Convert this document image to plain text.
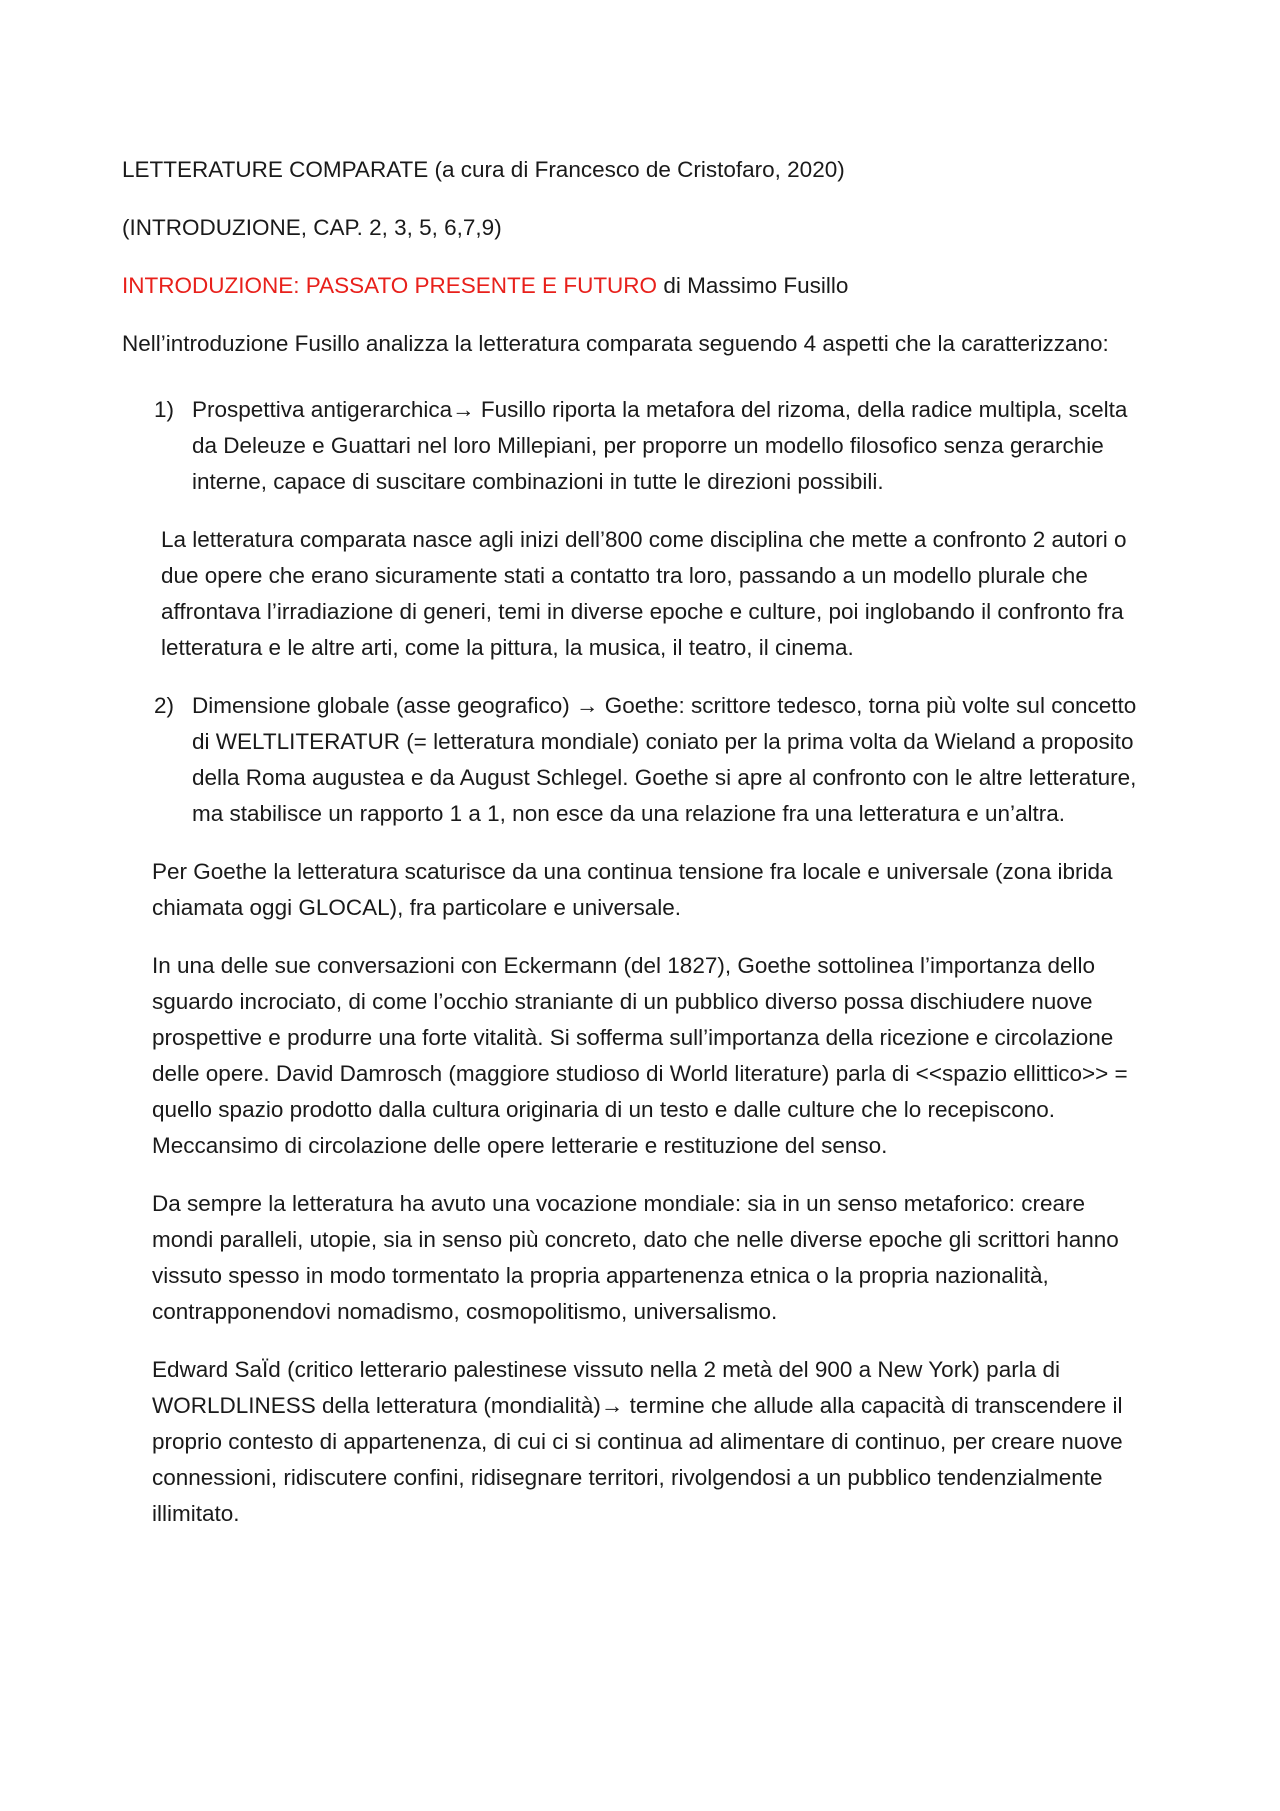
LETTERATURE COMPARATE (a cura di Francesco de Cristofaro, 2020)

(INTRODUZIONE, CAP. 2, 3, 5, 6,7,9)

INTRODUZIONE: PASSATO PRESENTE E FUTURO di Massimo Fusillo

Nell’introduzione Fusillo analizza la letteratura comparata seguendo 4 aspetti che la caratterizzano:

1) Prospettiva antigerarchica→ Fusillo riporta la metafora del rizoma, della radice multipla, scelta da Deleuze e Guattari nel loro Millepiani, per proporre un modello filosofico senza gerarchie interne, capace di suscitare combinazioni in tutte le direzioni possibili.

La letteratura comparata nasce agli inizi dell’800 come disciplina che mette a confronto 2 autori o due opere che erano sicuramente stati a contatto tra loro, passando a un modello plurale che affrontava l’irradiazione di generi, temi in diverse epoche e culture, poi inglobando il confronto fra letteratura e le altre arti, come la pittura, la musica, il teatro, il cinema.

2) Dimensione globale (asse geografico) → Goethe: scrittore tedesco, torna più volte sul concetto di WELTLITERATUR (= letteratura mondiale) coniato per la prima volta da Wieland a proposito della Roma augustea e da August Schlegel. Goethe si apre al confronto con le altre letterature, ma stabilisce un rapporto 1 a 1, non esce da una relazione fra una letteratura e un’altra.

Per Goethe la letteratura scaturisce da una continua tensione fra locale e universale (zona ibrida chiamata oggi GLOCAL), fra particolare e universale.

In una delle sue conversazioni con Eckermann (del 1827), Goethe sottolinea l’importanza dello sguardo incrociato, di come l’occhio straniante di un pubblico diverso possa dischiudere nuove prospettive e produrre una forte vitalità. Si sofferma sull’importanza della ricezione e circolazione delle opere. David Damrosch (maggiore studioso di World literature) parla di <<spazio ellittico>> = quello spazio prodotto dalla cultura originaria di un testo e dalle culture che lo recepiscono. Meccansimo di circolazione delle opere letterarie e restituzione del senso.

Da sempre la letteratura ha avuto una vocazione mondiale: sia in un senso metaforico: creare mondi paralleli, utopie, sia in senso più concreto, dato che nelle diverse epoche gli scrittori hanno vissuto spesso in modo tormentato la propria appartenenza etnica o la propria nazionalità, contrapponendovi nomadismo, cosmopolitismo, universalismo.

Edward SaÏd (critico letterario palestinese vissuto nella 2 metà del 900 a New York) parla di WORLDLINESS della letteratura (mondialità)→ termine che allude alla capacità di transcendere il proprio contesto di appartenenza, di cui ci si continua ad alimentare di continuo, per creare nuove connessioni, ridiscutere confini, ridisegnare territori, rivolgendosi a un pubblico tendenzialmente illimitato.
